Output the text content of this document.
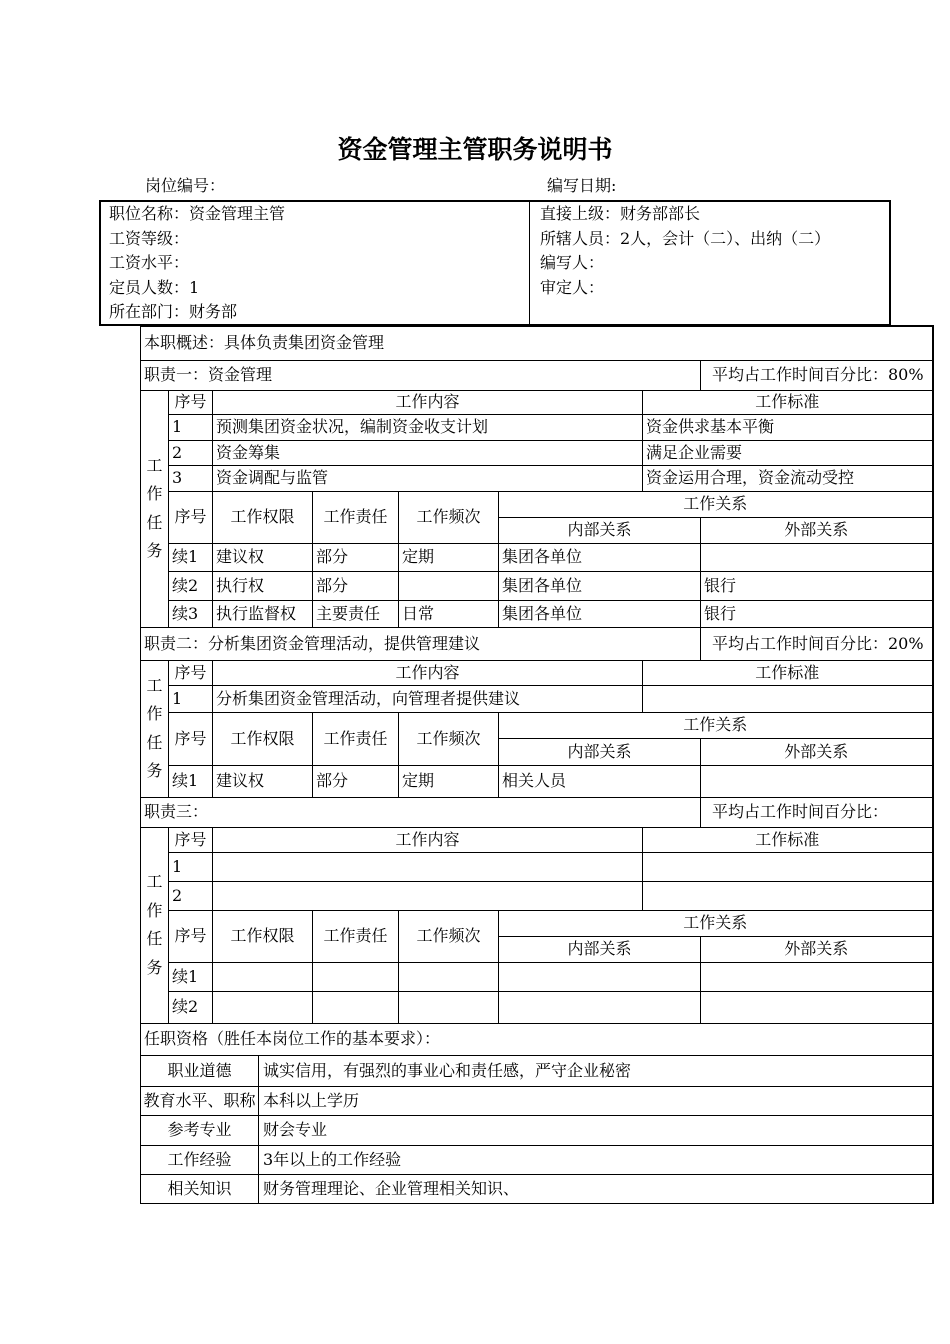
资金管理主管职务说明书
岗位编号：	编写日期:
职位名称：资金管理主管
工资等级：
工资水平：
定员人数：1
所在部门：财务部
直接上级：财务部部长
所辖人员：2人，会计（二）、出纳（二）
编写人：
审定人：
本职概述：具体负责集团资金管理								
职责一：资金管理								平均占工作时间百分比：80%

工作任务	序号	工作内容					工作标准	
	1	预测集团资金状况，编制资金收支计划					资金供求基本平衡	
	2	资金筹集					满足企业需要	
	3	资金调配与监管					资金运用合理，资金流动受控	
	序号	工作权限		工作责任	工作频次	工作关系		
						内部关系		外部关系
	续1	建议权		部分	定期	集团各单位		
	续2	执行权		部分		集团各单位		银行
	续3	执行监督权		主要责任	日常	集团各单位		银行
职责二：分析集团资金管理活动，提供管理建议								平均占工作时间百分比：20%

工作任务	序号	工作内容					工作标准	
	1	分析集团资金管理活动，向管理者提供建议						
	序号	工作权限		工作责任	工作频次	工作关系		
						内部关系		外部关系
	续1	建议权		部分	定期	相关人员		
职责三：								平均占工作时间百分比：

工作任务	序号	工作内容					工作标准	
	1							
	2							
	序号	工作权限		工作责任	工作频次	工作关系		
						内部关系		外部关系
	续1							
	续2							
任职资格（胜任本岗位工作的基本要求）：								
职业道德			诚实信用，有强烈的事业心和责任感，严守企业秘密					
教育水平、职称			本科以上学历					
参考专业			财会专业					
工作经验			3年以上的工作经验					
相关知识			财务管理理论、企业管理相关知识、					
